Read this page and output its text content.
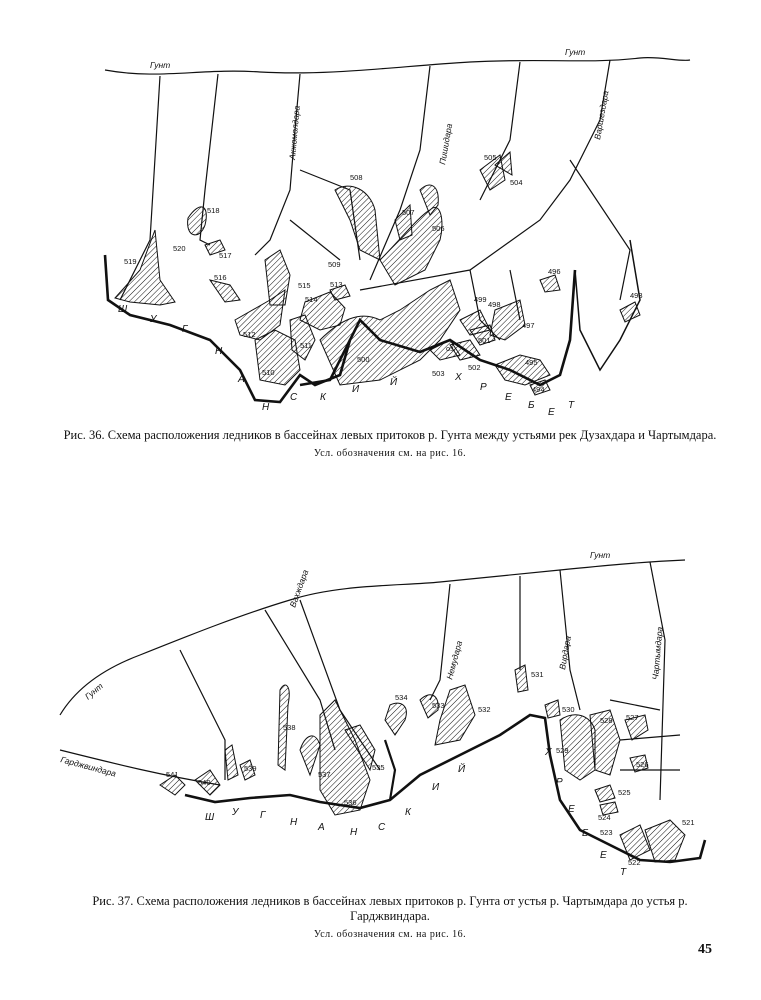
Гунт
Гунт
Акжомолдара	Пишидара
Варшездара
Ш
У
Г
Н
А
Н
С К
И
Й	Х
Р
Е
Б
Е
Т
493
494
495
496
497
498
499
500
501
502
503
504
505
506
507
508
509
510
511
512
513
514
515
516
517
518
519
520
оз.
Рис. 36. Схема расположения ледников в бассейнах левых притоков р. Гунта между устьями рек Дузахдара и Чартымдара.
Усл. обозначения см. на рис. 16.
Гунт
Гунт
Гарджвиндара
Вахждара
Немудара	Вирдара	Чартымдара
Ш У Г
Н А	Н С
К
И
Й
Х
Р
Е
Б
Е
Т
521
522
523
524
525
526
527
528
529
530
531
532
533
534
535
536
537
538
539
540
541
Рис. 37. Схема расположения ледников в бассейнах левых притоков р. Гунта от устья р. Чартымдара до устья р. Гарджвиндара.
Усл. обозначения см. на рис. 16.
45
